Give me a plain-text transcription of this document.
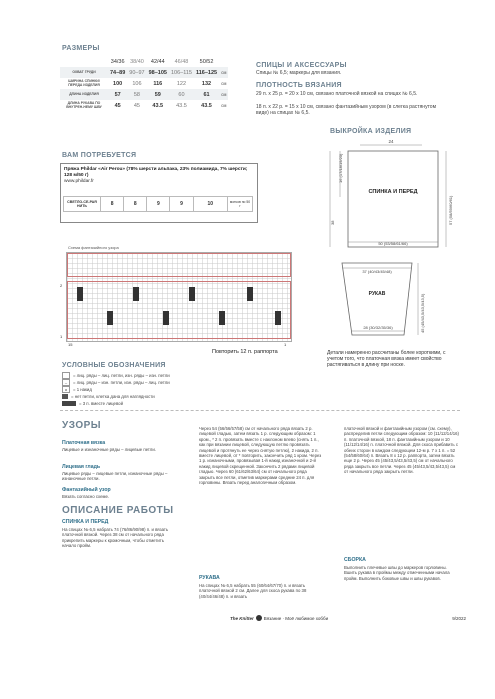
РАЗМЕРЫ
	34/36	38/40	42/44	46/48	50/52	
ОХВАТ ГРУДИ	74–89	90–97	98–105	106–115	116–125	см
ШИРИНА СПИНКИ/ПЕРЕДА ИЗДЕЛИЯ	100	106	116	122	132	см
ДЛИНА ИЗДЕЛИЯ	57	58	59	60	61	см
ДЛИНА РУКАВА ПО ВНУТРЕН-НЕМУ ШВУ	45	45	43.5	43.5	43.5	см
СПИЦЫ И АКСЕССУАРЫ
Спицы № 6,5; маркеры для вязания.
ПЛОТНОСТЬ ВЯЗАНИЯ
29 п. x 25 р. = 20 x 10 см, связано платочной вязкой на спицах № 6,5.
18 п. x 22 р. = 15 x 10 см, связано фантазийным узором (в слегка растянутом виде) на спицах № 6,5.
ВЫКРОЙКА ИЗДЕЛИЯ
СПИНКА И ПЕРЕД
24
16 (17/18/19/20)
38	57 (58/59/60/61)
50 (53/58/61/66)
РУКАВ
37 (40/43/45/48)
28 (30/32/35/36)	45 (45/43,5/43,5/43,5)
ВАМ ПОТРЕБУЕТСЯ
Пряжа Phildar «Air Perou» (78% шерсти альпака, 23% полиамида, 7% шерсти; 128 м/50 г)
www.phildar.fr
СВЕТЛО-СЕ-РАЯ НИТЬ	8	8	9	9	10	мотков по 50 г
Схема фантазийного узора
2
1
15	1
Повторить 12 п. раппорта
УСЛОВНЫЕ ОБОЗНАЧЕНИЯ
= лиц. ряды – лиц. петли, изн. ряды – изн. петли
–	= лиц. ряды – изн. петли, изн. ряды – лиц. петли
o	= 1 накид
= нет петли, клетка дана для наглядности
= 3 п. вместе лицевой
Детали намеренно рассчитаны более короткими, с учетом того, что платочная вязка имеет свойство растягиваться в длину при носке.
УЗОРЫ
Платочная вязка
Лицевые и изнаночные ряды – лицевые петли.
Лицевая гладь
Лицевые ряды – лицевые петли, изнаночные ряды – изнаночные петли.
Фантазийный узор
Вязать согласно схеме.
ОПИСАНИЕ РАБОТЫ
СПИНКА И ПЕРЕД
На спицах № 6,5 набрать 74 (76/86/90/98) п. и вязать платочной вязкой. Через 38 см от начального ряда прикрепить маркеры к кромочным, чтобы отметить начало пройм.
Через 54 (56/56/57/58) см от начального ряда вязать 2 р. лицевой гладью, затем вязать 1 р. следующим образом: 1 кром., * 2 п. провязать вместе с наклоном влево (снять 1 п., как при вязании лицевой, следующую петлю провязать лицевой и протянуть ее через снятую петлю), 2 накида, 2 п. вместе лицевой, от * повторить, закончить ряд 1 кром. Через 1 р. изнаночными, провязывая 1-й накид изнаночной и 2-й накид лицевой скрещенной. Закончить 2 рядами лицевой гладью. Через 60 (61/62/63/64) см от начального ряда закрыть все петли, отметив маркерами средние 24 п. для горловины. Вязать перед аналогичным образом.
РУКАВА
На спицах № 6,5 набрать 55 (60/64/67/70) п. и вязать платочной вязкой 2 см. Далее для скоса рукава по 38 (40/44/46/48) п. и вязать
платочной вязкой и фантазийным узором (см. схему), распределив петли следующим образом: 10 (11/12/14/16) п. платочной вязкой, 18 п. фантазийным узором и 10 (11/12/14/16) п. платочной вязкой. Для скоса прибавить с обеих сторон в каждом следующем 12-м р. 7 х 1 п. = 52 (54/58/60/64) п. Вязать 8 х 12 р. раппорта, затем вязать еще 2 р. Через 45 (45/43,5/43,5/43,5) см от начального ряда закрыть все петли. Через 45 (45/43,5/43,5/43,5) см от начального ряда закрыть петли.
СБОРКА
Выполнить плечевые швы до маркеров горловины. Вшить рукава в проймы между отмеченными начала пройм. Выполнить боковые швы и швы рукавов.
The Knitter Вязание · Моё любимое хобби	9/2022
